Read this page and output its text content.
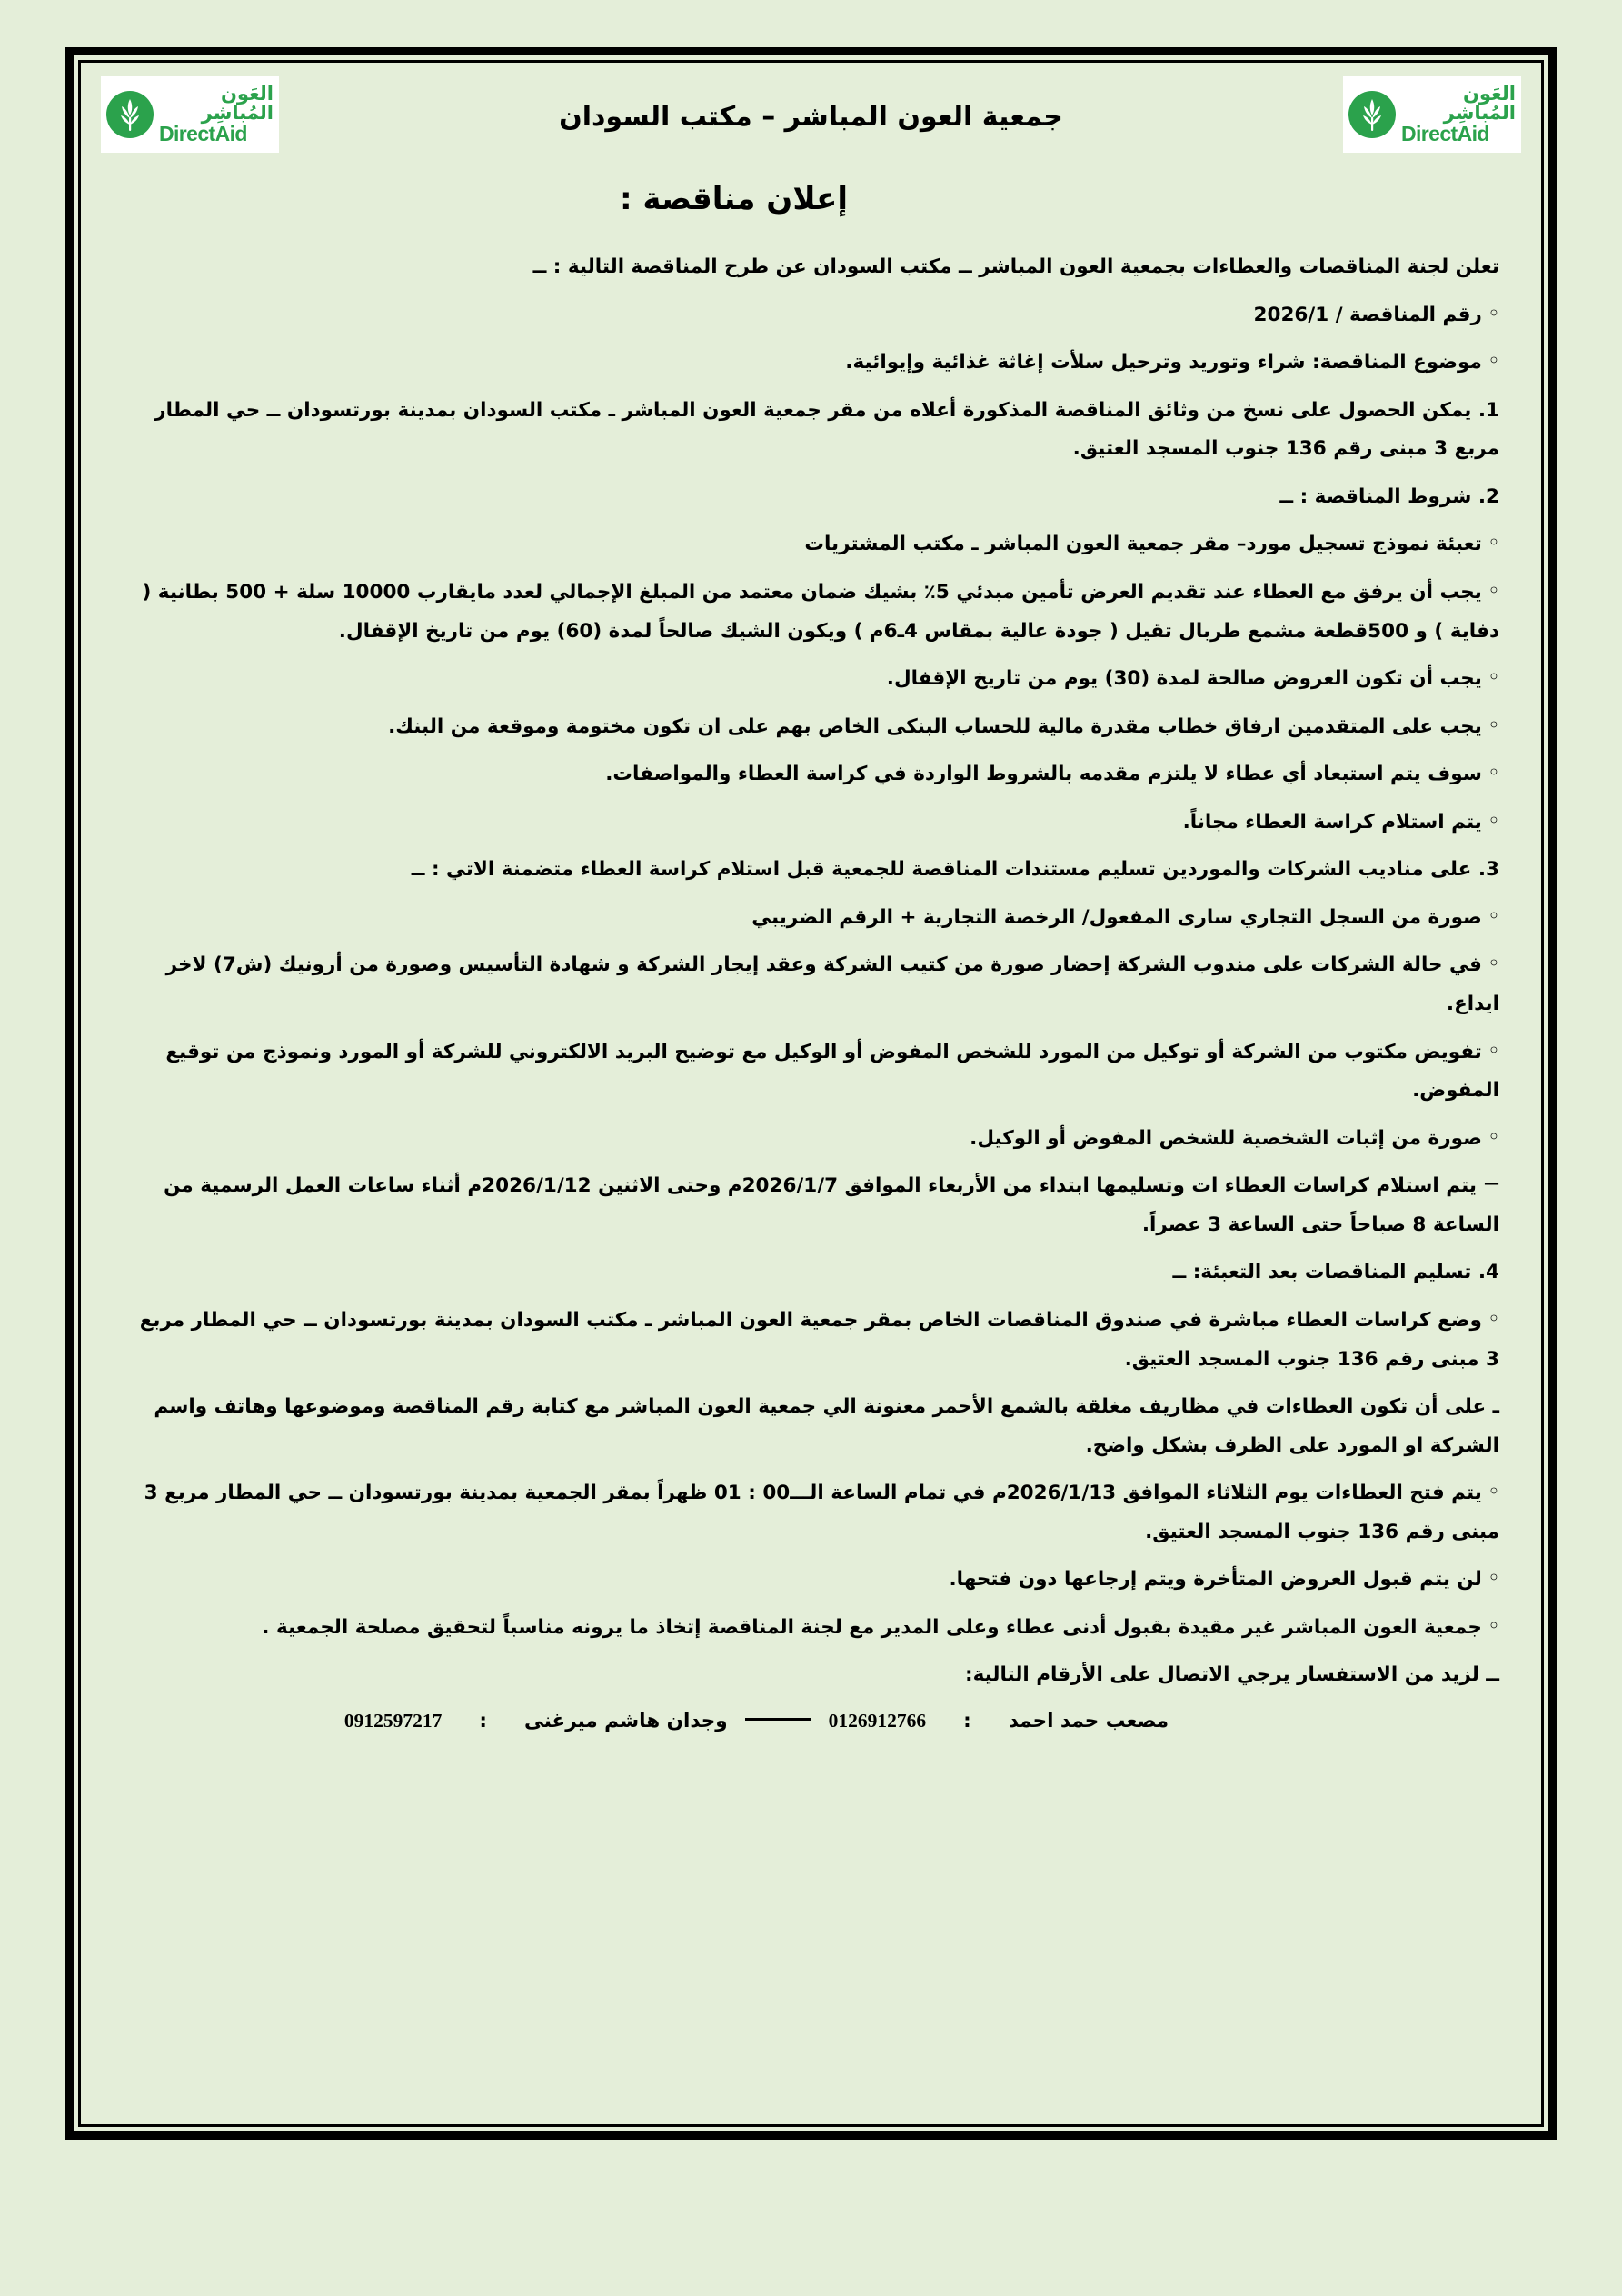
العَون المُباشِر
DirectAid
جمعية العون المباشر – مكتب السودان
العَون المُباشِر
DirectAid
إعلان مناقصة :

تعلن لجنة المناقصات والعطاءات بجمعية العون المباشر ــ مكتب السودان عن طرح المناقصة التالية : ــ

◦ رقم المناقصة / 2026/1

◦ موضوع المناقصة: شراء وتوريد وترحيل سلأت إغاثة غذائية وإيوائية.

1. يمكن الحصول على نسخ من وثائق المناقصة المذكورة أعلاه من مقر جمعية العون المباشر ـ مكتب السودان بمدينة بورتسودان ــ حي المطار مربع 3 مبنى رقم 136 جنوب المسجد العتيق.

2. شروط المناقصة : ــ

◦ تعبئة نموذج تسجيل مورد– مقر جمعية العون المباشر ـ مكتب المشتريات

◦ يجب أن يرفق مع العطاء عند تقديم العرض تأمين مبدئي 5٪ بشيك ضمان معتمد من المبلغ الإجمالي لعدد مايقارب 10000 سلة + 500 بطانية ( دفاية ) و 500قطعة مشمع طربال تقيل ( جودة عالية بمقاس 4ـ6م ) ويكون الشيك صالحاً لمدة (60) يوم من تاريخ الإقفال.

◦ يجب أن تكون العروض صالحة لمدة (30) يوم من تاريخ الإقفال.

◦ يجب على المتقدمين ارفاق خطاب مقدرة مالية للحساب البنكى الخاص بهم على ان تكون مختومة وموقعة من البنك.

◦ سوف يتم استبعاد أي عطاء لا يلتزم مقدمه بالشروط الواردة في كراسة العطاء والمواصفات.

◦ يتم استلام كراسة العطاء مجاناً.

3. على مناديب الشركات والموردين تسليم مستندات المناقصة للجمعية قبل استلام كراسة العطاء متضمنة الاتي : ــ

◦ صورة من السجل التجاري سارى المفعول/ الرخصة التجارية + الرقم الضريبي

◦ في حالة الشركات على مندوب الشركة إحضار صورة من كتيب الشركة وعقد إيجار الشركة و شهادة التأسيس وصورة من أرونيك (ش7) لاخر ايداع.

◦ تفويض مكتوب من الشركة أو توكيل من المورد للشخص المفوض أو الوكيل مع توضيح البريد الالكتروني للشركة أو المورد ونموذج من توقيع المفوض.

◦ صورة من إثبات الشخصية للشخص المفوض أو الوكيل.

— يتم استلام كراسات العطاء ات وتسليمها ابتداء من الأربعاء الموافق 2026/1/7م وحتى الاثنين 2026/1/12م أثناء ساعات العمل الرسمية من الساعة 8 صباحاً حتى الساعة 3 عصراً.

4. تسليم المناقصات بعد التعبئة: ــ

◦ وضع كراسات العطاء مباشرة في صندوق المناقصات الخاص بمقر جمعية العون المباشر ـ مكتب السودان بمدينة بورتسودان ــ حي المطار مربع 3 مبنى رقم 136 جنوب المسجد العتيق.

ـ على أن تكون العطاءات في مظاريف مغلقة بالشمع الأحمر معنونة الي جمعية العون المباشر مع كتابة رقم المناقصة وموضوعها وهاتف واسم الشركة او المورد على الظرف بشكل واضح.

◦ يتم فتح العطاءات يوم الثلاثاء الموافق 2026/1/13م في تمام الساعة الـــ00 : 01 ظهراً بمقر الجمعية بمدينة بورتسودان ــ حي المطار مربع 3 مبنى رقم 136 جنوب المسجد العتيق.

◦ لن يتم قبول العروض المتأخرة ويتم إرجاعها دون فتحها.

◦ جمعية العون المباشر غير مقيدة بقبول أدنى عطاء وعلى المدير مع لجنة المناقصة إتخاذ ما يرونه مناسباً لتحقيق مصلحة الجمعية .

ــ لزيد من الاستفسار يرجي الاتصال على الأرقام التالية:

مصعب حمد احمد  :  0126912766  وجدان هاشم ميرغنى  :  0912597217
